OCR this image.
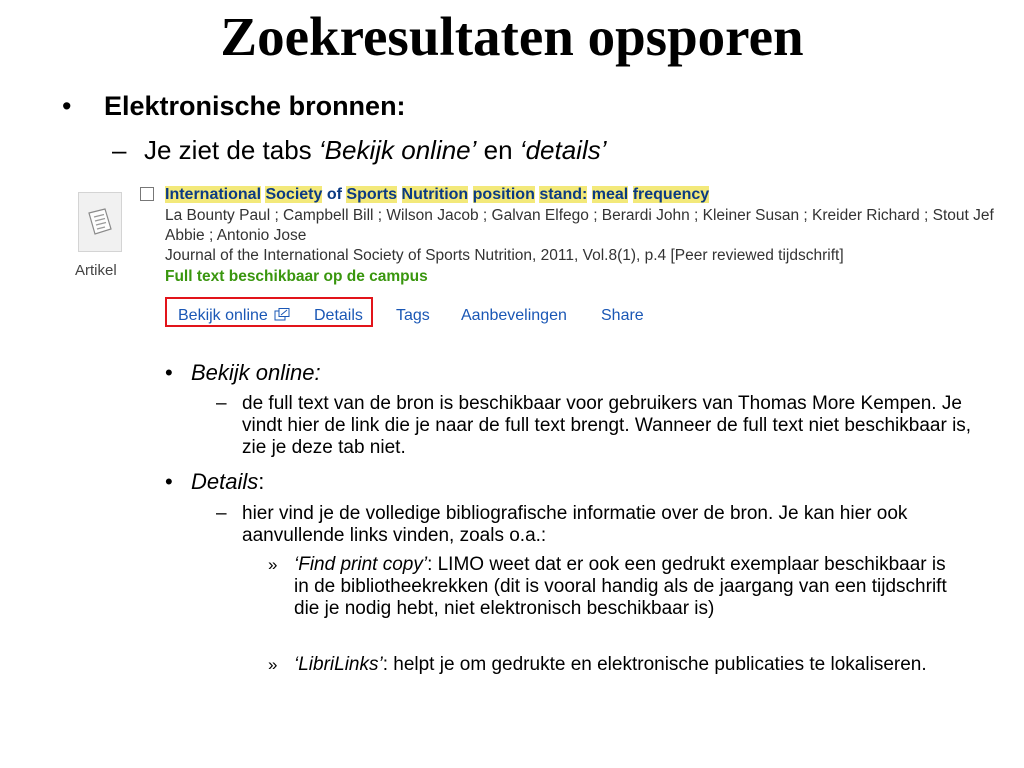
Zoekresultaten opsporen
• Elektronische bronnen:
– Je ziet de tabs ‘Bekijk online’ en ‘details’
Artikel
International Society of Sports Nutrition position stand: meal frequency
La Bounty Paul ; Campbell Bill ; Wilson Jacob ; Galvan Elfego ; Berardi John ; Kleiner Susan ; Kreider Richard ; Stout Jef
Abbie ; Antonio Jose
Journal of the International Society of Sports Nutrition, 2011, Vol.8(1), p.4 [Peer reviewed tijdschrift]
Full text beschikbaar op de campus
Bekijk online	Details Tags Aanbevelingen Share
• Bekijk online:
– de full text van de bron is beschikbaar voor gebruikers van Thomas More Kempen. Je vindt hier de link die je naar de full text brengt. Wanneer de full text niet beschikbaar is, zie je deze tab niet.
• Details:
– hier vind je de volledige bibliografische informatie over de bron. Je kan hier ook aanvullende links vinden, zoals o.a.:
» ‘Find print copy’: LIMO weet dat er ook een gedrukt exemplaar beschikbaar is in de bibliotheekrekken (dit is vooral handig als de jaargang van een tijdschrift die je nodig hebt, niet elektronisch beschikbaar is)
» ‘LibriLinks’: helpt je om gedrukte en elektronische publicaties te lokaliseren.
